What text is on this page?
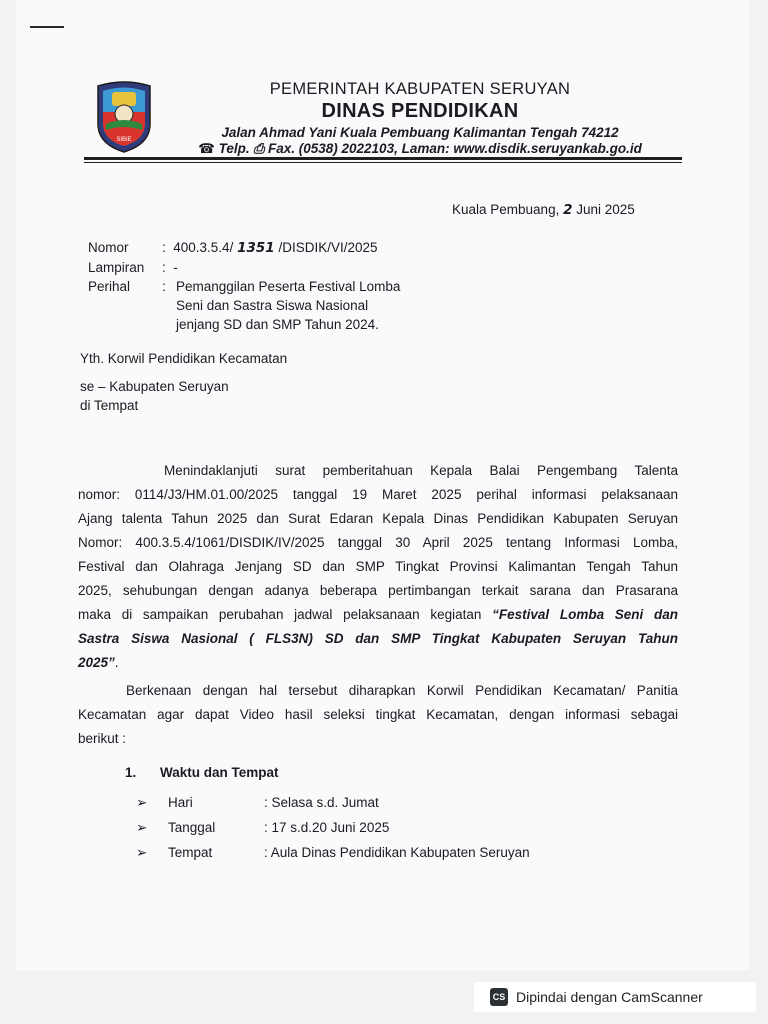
SIBIE
PEMERINTAH KABUPATEN SERUYAN
DINAS PENDIDIKAN
Jalan Ahmad Yani Kuala Pembuang Kalimantan Tengah 74212
☎ Telp. ⎙ Fax. (0538) 2022103, Laman: www.disdik.seruyankab.go.id
Kuala Pembuang, 2 Juni 2025
Nomor :  400.3.5.4/ 1351 /DISDIK/VI/2025
Lampiran :  -
Perihal : Pemanggilan Peserta Festival Lomba
Seni dan Sastra Siswa Nasional
jenjang SD dan SMP Tahun 2024.
Yth. Korwil Pendidikan Kecamatan
se – Kabupaten Seruyan
di Tempat
Menindaklanjuti surat pemberitahuan Kepala Balai Pengembang Talenta
nomor: 0114/J3/HM.01.00/2025 tanggal 19 Maret 2025 perihal informasi pelaksanaan
Ajang talenta Tahun 2025 dan Surat Edaran Kepala Dinas Pendidikan Kabupaten Seruyan
Nomor: 400.3.5.4/1061/DISDIK/IV/2025 tanggal 30 April 2025 tentang Informasi Lomba,
Festival dan Olahraga Jenjang SD dan SMP Tingkat Provinsi Kalimantan Tengah Tahun
2025, sehubungan dengan adanya beberapa pertimbangan terkait sarana dan Prasarana
maka di sampaikan perubahan jadwal pelaksanaan kegiatan “Festival Lomba Seni dan
Sastra Siswa Nasional ( FLS3N) SD dan SMP Tingkat Kabupaten Seruyan Tahun
2025”.
Berkenaan dengan hal tersebut diharapkan Korwil Pendidikan Kecamatan/ Panitia
Kecamatan agar dapat Video hasil seleksi tingkat Kecamatan, dengan informasi sebagai
berikut :
1. Waktu dan Tempat
➢ Hari	: Selasa s.d. Jumat
➢ Tanggal	: 17 s.d.20 Juni 2025
➢ Tempat	: Aula Dinas Pendidikan Kabupaten Seruyan
CS Dipindai dengan CamScanner
